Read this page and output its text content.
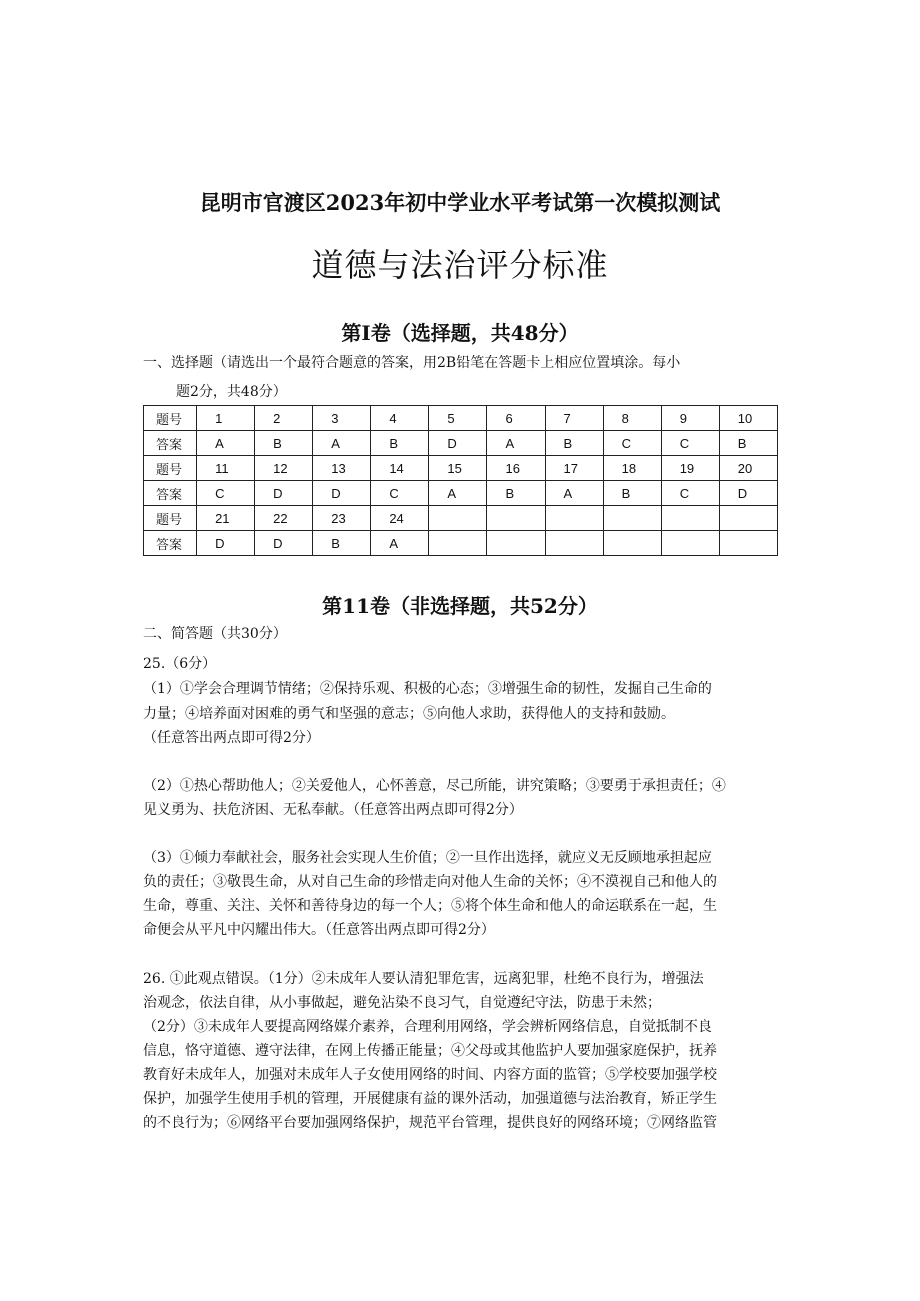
昆明市官渡区2023年初中学业水平考试第一次模拟测试
道德与法治评分标准
第Ⅰ卷（选择题，共48分）
一、选择题（请选出一个最符合题意的答案，用2B铅笔在答题卡上相应位置填涂。每小
题2分，共48分）
题号	1	2	3	4	5	6	7	8	9	10
答案	A	B	A	B	D	A	B	C	C	B
题号	11	12	13	14	15	16	17	18	19	20
答案	C	D	D	C	A	B	A	B	C	D
题号	21	22	23	24						
答案	D	D	B	A						
第11卷（非选择题，共52分）
二、简答题（共30分）
25.（6分）
（1）①学会合理调节情绪；②保持乐观、积极的心态；③增强生命的韧性，发掘自己生命的
力量；④培养面对困难的勇气和坚强的意志；⑤向他人求助，获得他人的支持和鼓励。
（任意答出两点即可得2分）
（2）①热心帮助他人；②关爱他人，心怀善意，尽己所能，讲究策略；③要勇于承担责任；④
见义勇为、扶危济困、无私奉献。（任意答出两点即可得2分）
（3）①倾力奉献社会，服务社会实现人生价值；②一旦作出选择，就应义无反顾地承担起应
负的责任；③敬畏生命，从对自己生命的珍惜走向对他人生命的关怀；④不漠视自己和他人的
生命，尊重、关注、关怀和善待身边的每一个人；⑤将个体生命和他人的命运联系在一起，生
命便会从平凡中闪耀出伟大。（任意答出两点即可得2分）
26. ①此观点错误。（1分）②未成年人要认清犯罪危害，远离犯罪，杜绝不良行为，增强法
治观念，依法自律，从小事做起，避免沾染不良习气，自觉遵纪守法，防患于未然；
（2分）③未成年人要提高网络媒介素养，合理利用网络，学会辨析网络信息，自觉抵制不良
信息，恪守道德、遵守法律，在网上传播正能量；④父母或其他监护人要加强家庭保护，抚养
教育好未成年人，加强对未成年人子女使用网络的时间、内容方面的监管；⑤学校要加强学校
保护，加强学生使用手机的管理，开展健康有益的课外活动，加强道德与法治教育，矫正学生
的不良行为；⑥网络平台要加强网络保护，规范平台管理，提供良好的网络环境；⑦网络监管
